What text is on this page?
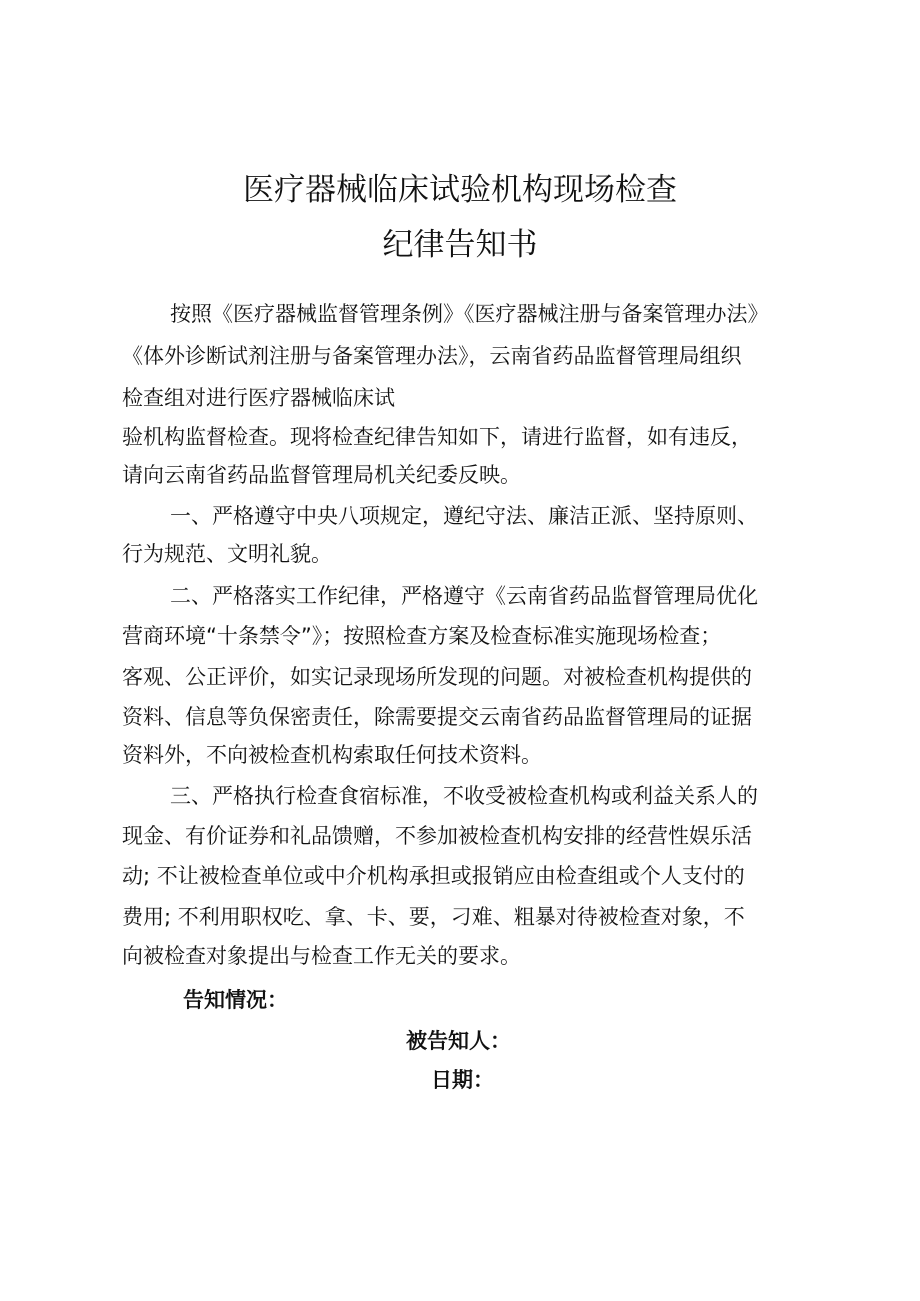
医疗器械临床试验机构现场检查
纪律告知书

按照《医疗器械监督管理条例》《医疗器械注册与备案管理办法》

《体外诊断试剂注册与备案管理办法》，云南省药品监督管理局组织

检查组对进行医疗器械临床试

验机构监督检查。现将检查纪律告知如下，请进行监督，如有违反，

请向云南省药品监督管理局机关纪委反映。

一、严格遵守中央八项规定，遵纪守法、廉洁正派、坚持原则、

行为规范、文明礼貌。

二、严格落实工作纪律，严格遵守《云南省药品监督管理局优化

营商环境“十条禁令”》；按照检查方案及检查标准实施现场检查；

客观、公正评价，如实记录现场所发现的问题。对被检查机构提供的

资料、信息等负保密责任，除需要提交云南省药品监督管理局的证据

资料外，不向被检查机构索取任何技术资料。

三、严格执行检查食宿标准，不收受被检查机构或利益关系人的

现金、有价证券和礼品馈赠，不参加被检查机构安排的经营性娱乐活

动; 不让被检查单位或中介机构承担或报销应由检查组或个人支付的

费用; 不利用职权吃、拿、卡、要，刁难、粗暴对待被检查对象，不

向被检查对象提出与检查工作无关的要求。

告知情况：

被告知人：

日期：
